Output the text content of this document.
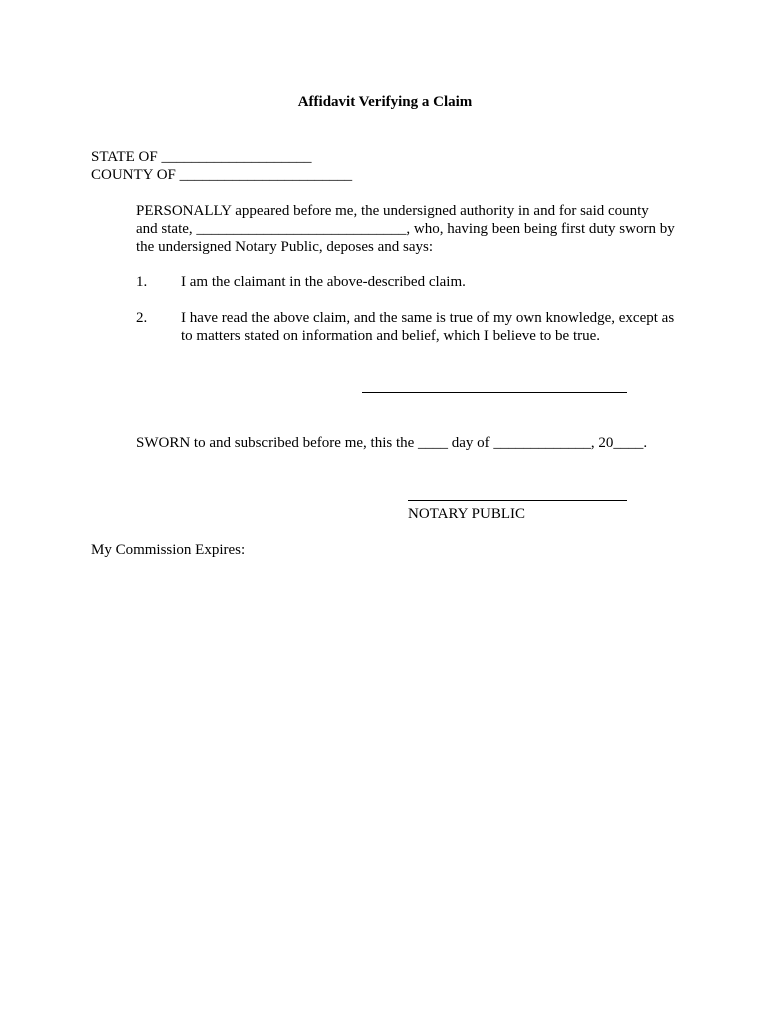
Affidavit Verifying a Claim
STATE OF ____________________
COUNTY OF _______________________
PERSONALLY appeared before me, the undersigned authority in and for said county
and state, ____________________________, who, having been being first duty sworn by
the undersigned Notary Public, deposes and says:
1. I am the claimant in the above-described claim.
2. I have read the above claim, and the same is true of my own knowledge, except as
to matters stated on information and belief, which I believe to be true.
SWORN to and subscribed before me, this the ____ day of _____________, 20____.
NOTARY PUBLIC
My Commission Expires:
